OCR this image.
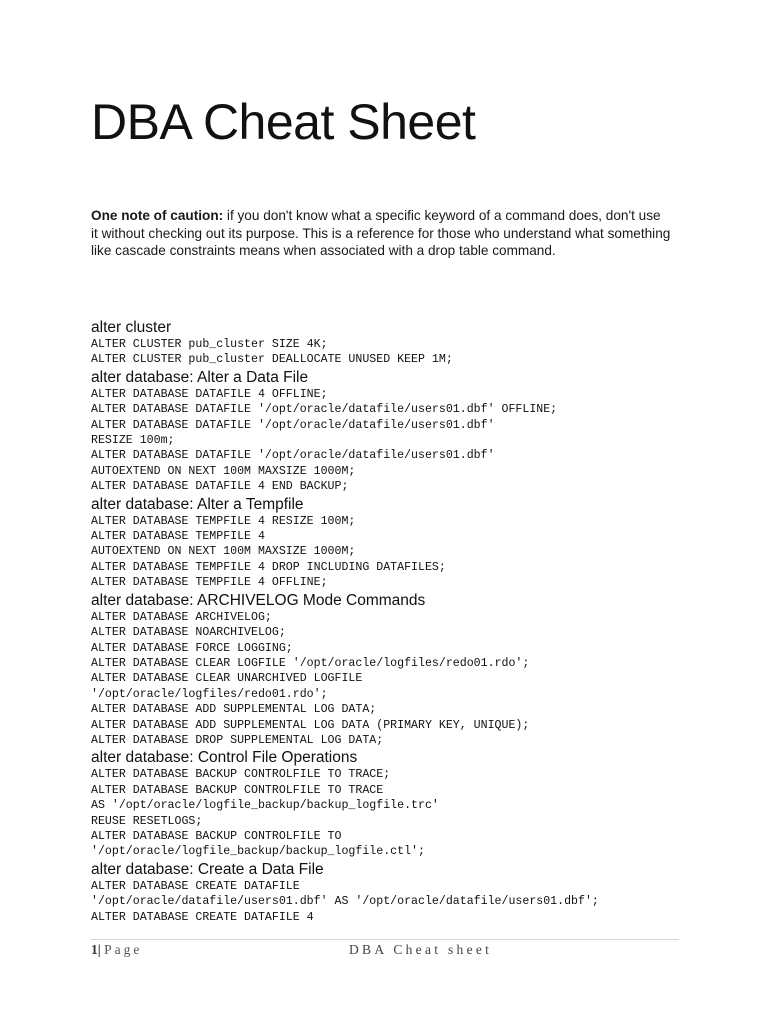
DBA Cheat Sheet

One note of caution: if you don't know what a specific keyword of a command does, don't use it without checking out its purpose. This is a reference for those who understand what something like cascade constraints means when associated with a drop table command.

alter cluster
ALTER CLUSTER pub_cluster SIZE 4K;
ALTER CLUSTER pub_cluster DEALLOCATE UNUSED KEEP 1M;
alter database: Alter a Data File
ALTER DATABASE DATAFILE 4 OFFLINE;
ALTER DATABASE DATAFILE '/opt/oracle/datafile/users01.dbf' OFFLINE;
ALTER DATABASE DATAFILE '/opt/oracle/datafile/users01.dbf'
RESIZE 100m;
ALTER DATABASE DATAFILE '/opt/oracle/datafile/users01.dbf'
AUTOEXTEND ON NEXT 100M MAXSIZE 1000M;
ALTER DATABASE DATAFILE 4 END BACKUP;
alter database: Alter a Tempfile
ALTER DATABASE TEMPFILE 4 RESIZE 100M;
ALTER DATABASE TEMPFILE 4
AUTOEXTEND ON NEXT 100M MAXSIZE 1000M;
ALTER DATABASE TEMPFILE 4 DROP INCLUDING DATAFILES;
ALTER DATABASE TEMPFILE 4 OFFLINE;
alter database: ARCHIVELOG Mode Commands
ALTER DATABASE ARCHIVELOG;
ALTER DATABASE NOARCHIVELOG;
ALTER DATABASE FORCE LOGGING;
ALTER DATABASE CLEAR LOGFILE '/opt/oracle/logfiles/redo01.rdo';
ALTER DATABASE CLEAR UNARCHIVED LOGFILE
'/opt/oracle/logfiles/redo01.rdo';
ALTER DATABASE ADD SUPPLEMENTAL LOG DATA;
ALTER DATABASE ADD SUPPLEMENTAL LOG DATA (PRIMARY KEY, UNIQUE);
ALTER DATABASE DROP SUPPLEMENTAL LOG DATA;
alter database: Control File Operations
ALTER DATABASE BACKUP CONTROLFILE TO TRACE;
ALTER DATABASE BACKUP CONTROLFILE TO TRACE
AS '/opt/oracle/logfile_backup/backup_logfile.trc'
REUSE RESETLOGS;
ALTER DATABASE BACKUP CONTROLFILE TO
'/opt/oracle/logfile_backup/backup_logfile.ctl';
alter database: Create a Data File
ALTER DATABASE CREATE DATAFILE
'/opt/oracle/datafile/users01.dbf' AS '/opt/oracle/datafile/users01.dbf';
ALTER DATABASE CREATE DATAFILE 4
1| Page	DBA Cheat sheet
